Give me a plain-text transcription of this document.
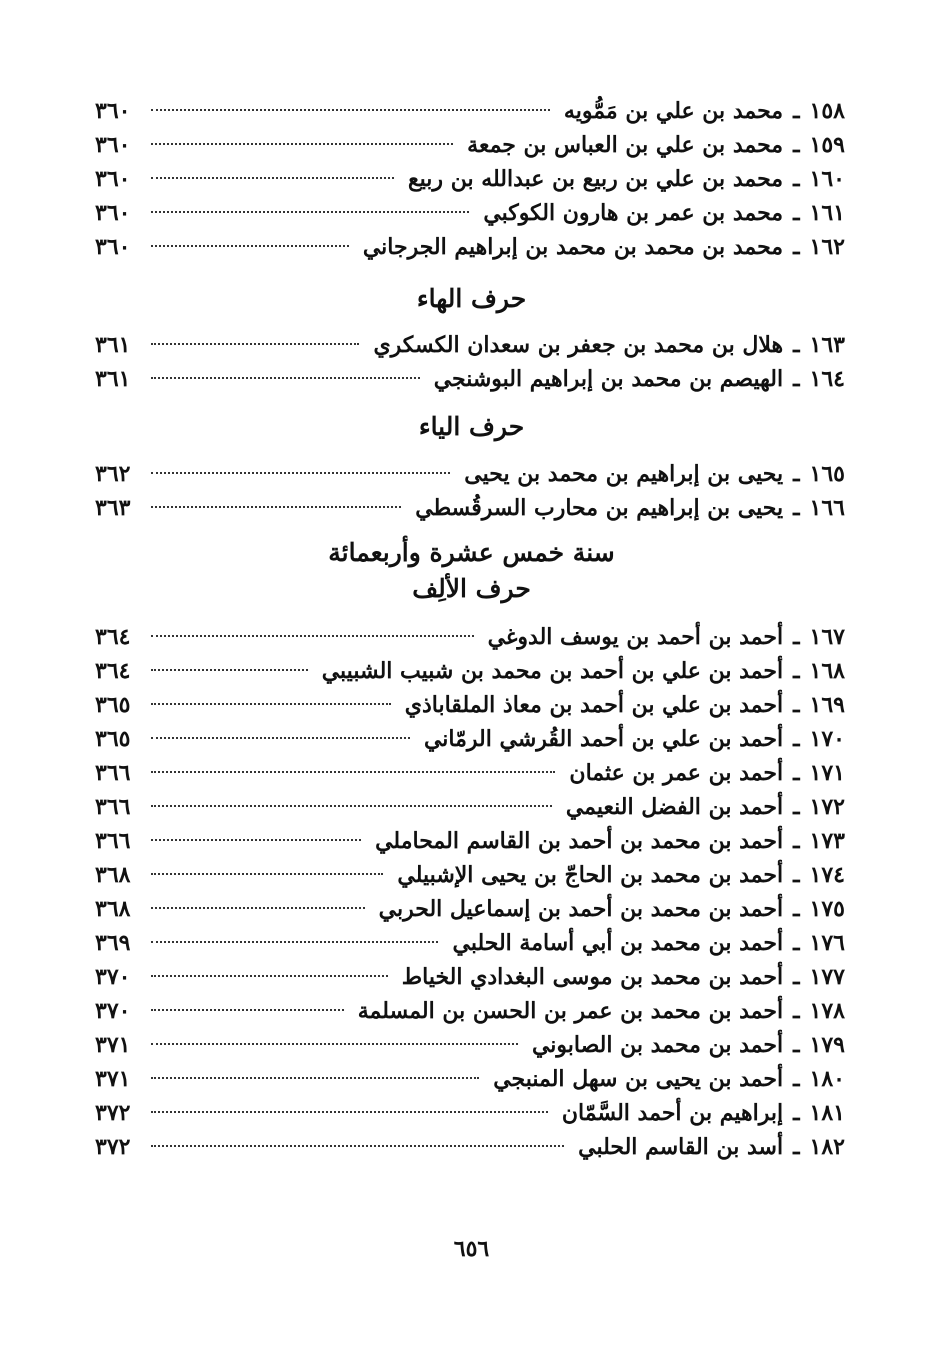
١٥٨
ـ
محمد بن علي بن مَمُّويه
٣٦٠
١٥٩
ـ
محمد بن علي بن العباس بن جمعة
٣٦٠
١٦٠
ـ
محمد بن علي بن ربيع بن عبدالله بن ربيع
٣٦٠
١٦١
ـ
محمد بن عمر بن هارون الكوكبي
٣٦٠
١٦٢
ـ
محمد بن محمد بن محمد بن إبراهيم الجرجاني
٣٦٠
حرف الهاء
١٦٣
ـ
هلال بن محمد بن جعفر بن سعدان الكسكري
٣٦١
١٦٤
ـ
الهيصم بن محمد بن إبراهيم البوشنجي
٣٦١
حرف الياء
١٦٥
ـ
يحيى بن إبراهيم بن محمد بن يحيى
٣٦٢
١٦٦
ـ
يحيى بن إبراهيم بن محارب السرقُسطي
٣٦٣
سنة خمس عشرة وأربعمائة
حرف الألِف
١٦٧
ـ
أحمد بن أحمد بن يوسف الدوغي
٣٦٤
١٦٨
ـ
أحمد بن علي بن أحمد بن محمد بن شبيب الشبيبي
٣٦٤
١٦٩
ـ
أحمد بن علي بن أحمد بن معاذ الملقاباذي
٣٦٥
١٧٠
ـ
أحمد بن علي بن أحمد القُرشي الرمّاني
٣٦٥
١٧١
ـ
أحمد بن عمر بن عثمان
٣٦٦
١٧٢
ـ
أحمد بن الفضل النعيمي
٣٦٦
١٧٣
ـ
أحمد بن محمد بن أحمد بن القاسم المحاملي
٣٦٦
١٧٤
ـ
أحمد بن محمد بن الحاجّ بن يحيى الإشبيلي
٣٦٨
١٧٥
ـ
أحمد بن محمد بن أحمد بن إسماعيل الحربي
٣٦٨
١٧٦
ـ
أحمد بن محمد بن أبي أسامة الحلبي
٣٦٩
١٧٧
ـ
أحمد بن محمد بن موسى البغدادي الخياط
٣٧٠
١٧٨
ـ
أحمد بن محمد بن عمر بن الحسن بن المسلمة
٣٧٠
١٧٩
ـ
أحمد بن محمد بن الصابوني
٣٧١
١٨٠
ـ
أحمد بن يحيى بن سهل المنبجي
٣٧١
١٨١
ـ
إبراهيم بن أحمد السَّمّان
٣٧٢
١٨٢
ـ
أسد بن القاسم الحلبي
٣٧٢
٦٥٦
